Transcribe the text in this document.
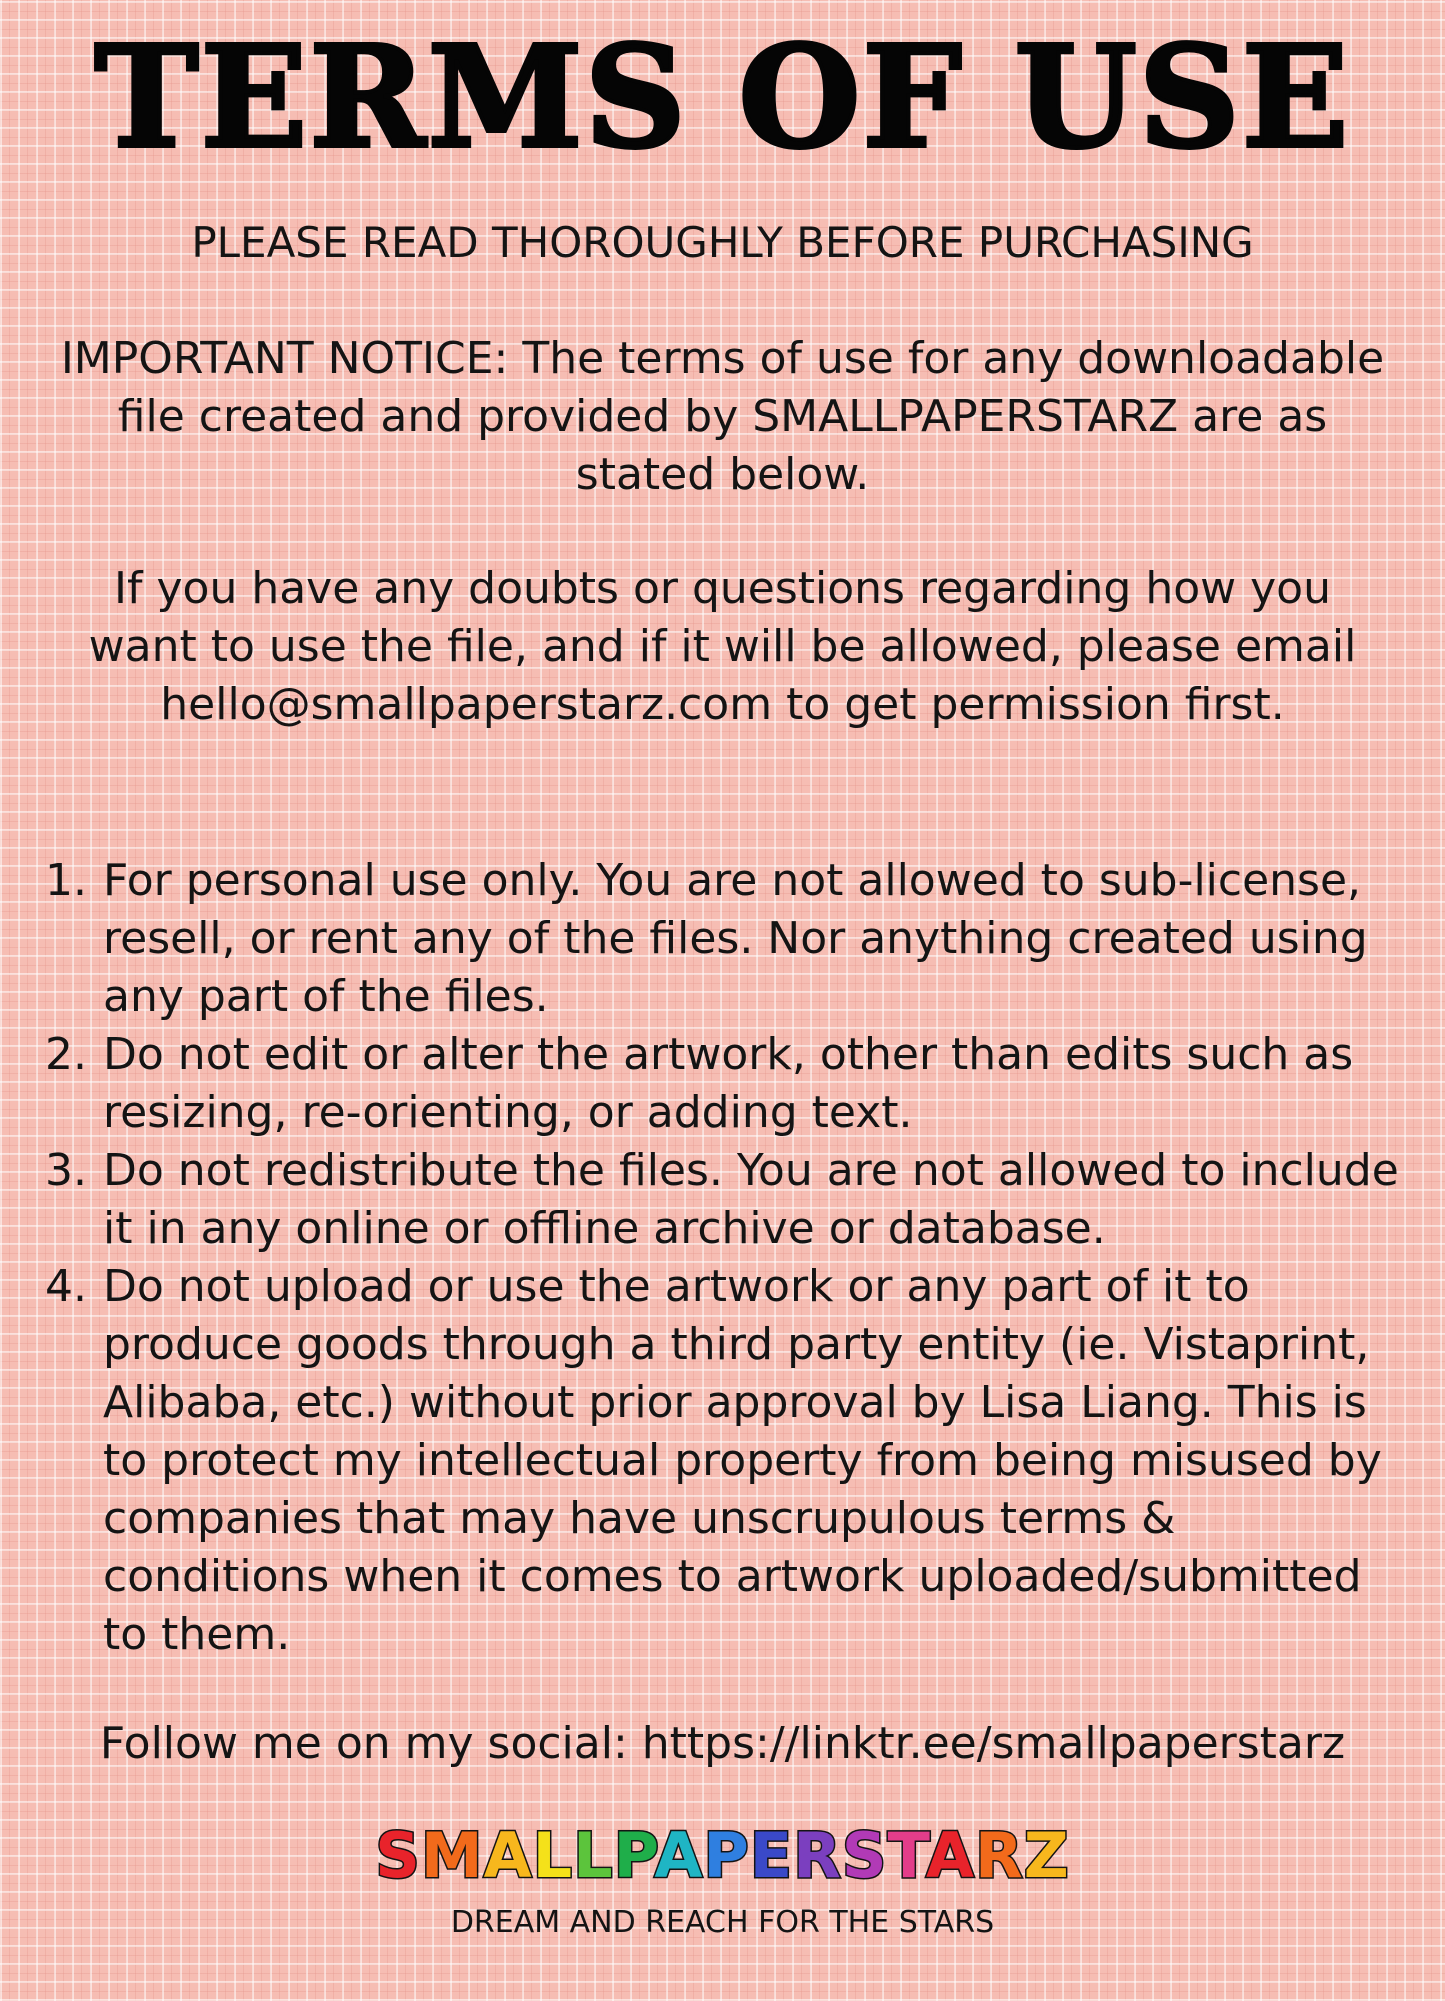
TERMS OF USE
PLEASE READ THOROUGHLY BEFORE PURCHASING
IMPORTANT NOTICE: The terms of use for any downloadable file created and provided by SMALLPAPERSTARZ are as stated below.
If you have any doubts or questions regarding how you want to use the file, and if it will be allowed, please email hello@smallpaperstarz.com to get permission first.
1. For personal use only. You are not allowed to sub-license, resell, or rent any of the files. Nor anything created using any part of the files.
2. Do not edit or alter the artwork, other than edits such as resizing, re-orienting, or adding text.
3. Do not redistribute the files. You are not allowed to include it in any online or offline archive or database.
4. Do not upload or use the artwork or any part of it to produce goods through a third party entity (ie. Vistaprint, Alibaba, etc.) without prior approval by Lisa Liang. This is to protect my intellectual property from being misused by companies that may have unscrupulous terms & conditions when it comes to artwork uploaded/submitted to them.
Follow me on my social: https://linktr.ee/smallpaperstarz
SMALLPAPERSTARZ
DREAM AND REACH FOR THE STARS
